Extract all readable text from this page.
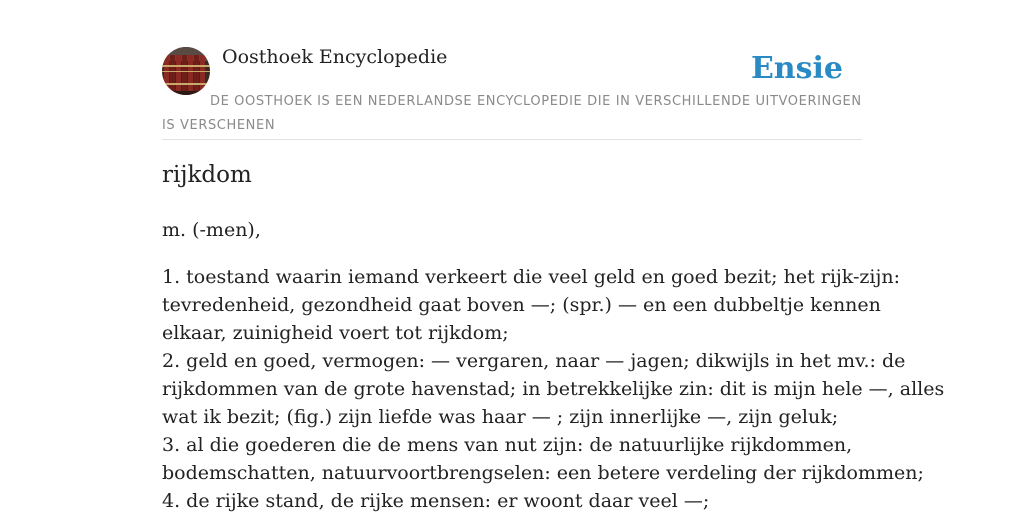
Oosthoek Encyclopedie	Ensie

DE OOSTHOEK IS EEN NEDERLANDSE ENCYCLOPEDIE DIE IN VERSCHILLENDE UITVOERINGEN IS VERSCHENEN

rijkdom

m. (-men),

1. toestand waarin iemand verkeert die veel geld en goed bezit; het rijk-zijn:
tevredenheid, gezondheid gaat boven —; (spr.) — en een dubbeltje kennen
elkaar, zuinigheid voert tot rijkdom;
2. geld en goed, vermogen: — vergaren, naar — jagen; dikwijls in het mv.: de
rijkdommen van de grote havenstad; in betrekkelijke zin: dit is mijn hele —, alles
wat ik bezit; (fig.) zijn liefde was haar — ; zijn innerlijke —, zijn geluk;
3. al die goederen die de mens van nut zijn: de natuurlijke rijkdommen,
bodemschatten, natuurvoortbrengselen: een betere verdeling der rijkdommen;
4. de rijke stand, de rijke mensen: er woont daar veel —;
